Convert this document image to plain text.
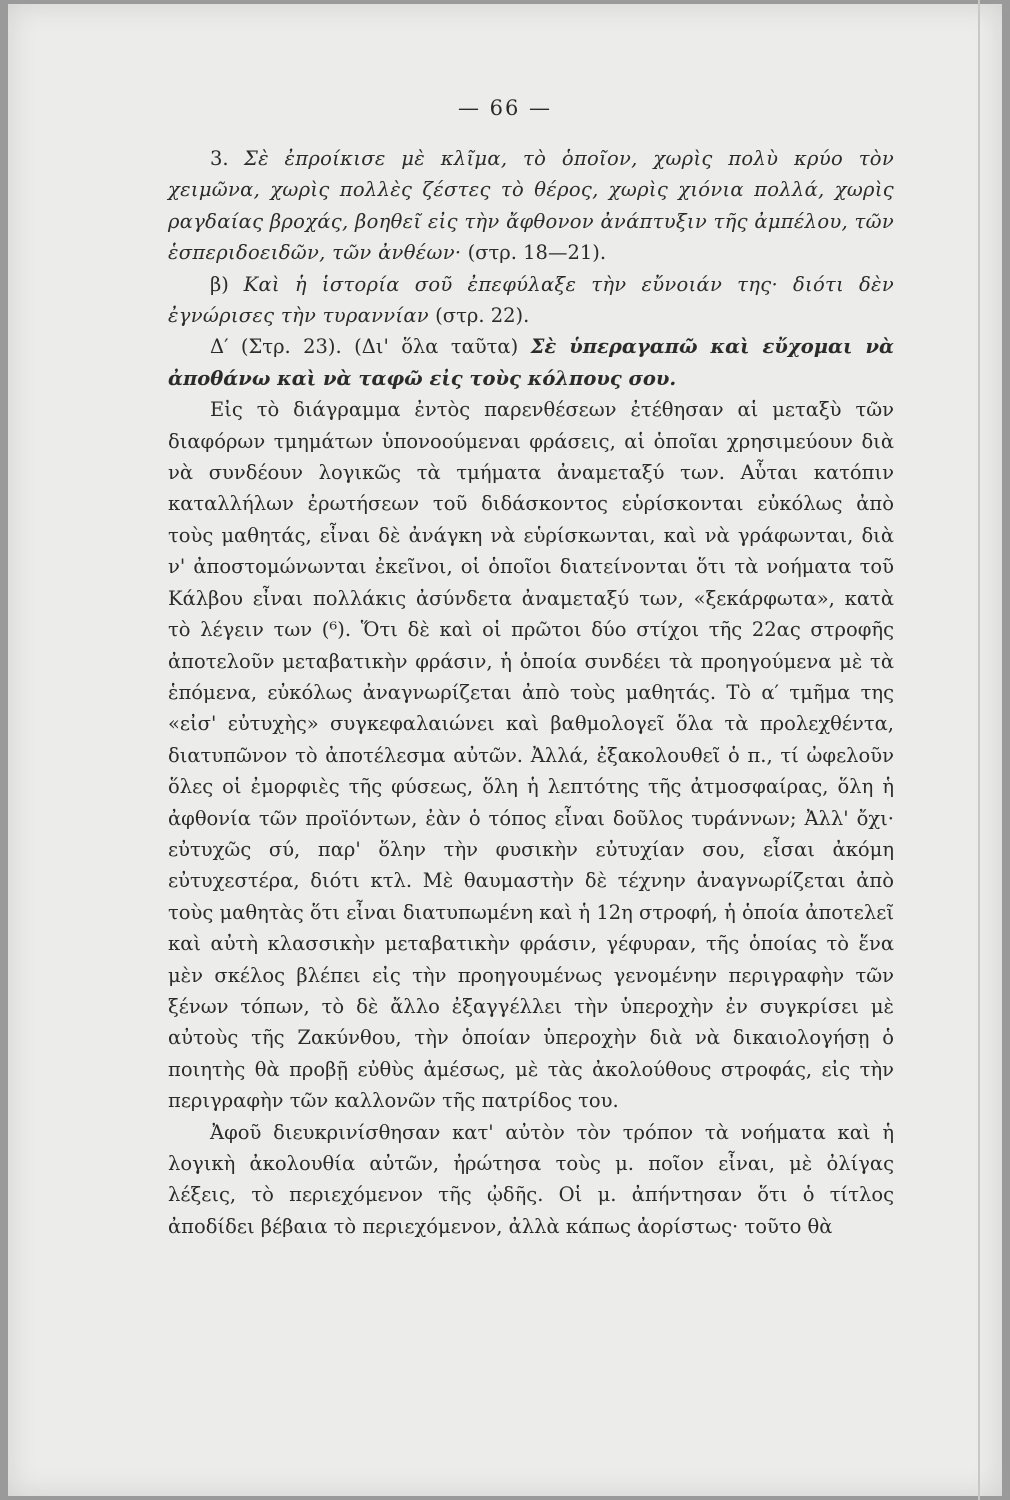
— 66 —

3. Σὲ ἐπροίκισε μὲ κλῖμα, τὸ ὁποῖον, χωρὶς πολὺ κρύο τὸν χειμῶνα, χωρὶς πολλὲς ζέστες τὸ θέρος, χωρὶς χιόνια πολλά, χωρὶς ραγδαίας βροχάς, βοηθεῖ εἰς τὴν ἄφθονον ἀνάπτυξιν τῆς ἀμπέλου, τῶν ἑσπεριδοειδῶν, τῶν ἀνθέων· (στρ. 18—21).

β) Καὶ ἡ ἱστορία σοῦ ἐπεφύλαξε τὴν εὔνοιάν της· διότι δὲν ἐγνώρισες τὴν τυραννίαν (στρ. 22).

Δ′ (Στρ. 23). (Δι' ὅλα ταῦτα) Σὲ ὑπεραγαπῶ καὶ εὔχομαι νὰ ἀποθάνω καὶ νὰ ταφῶ εἰς τοὺς κόλπους σου.

Εἰς τὸ διάγραμμα ἐντὸς παρενθέσεων ἐτέθησαν αἱ μεταξὺ τῶν διαφόρων τμημάτων ὑπονοούμεναι φράσεις, αἱ ὁποῖαι χρησιμεύουν διὰ νὰ συνδέουν λογικῶς τὰ τμήματα ἀναμεταξύ των. Αὗται κατόπιν καταλλήλων ἐρωτήσεων τοῦ διδάσκοντος εὑρίσκονται εὐκόλως ἀπὸ τοὺς μαθητάς, εἶναι δὲ ἀνάγκη νὰ εὑρίσκωνται, καὶ νὰ γράφωνται, διὰ ν' ἀποστομώνωνται ἐκεῖνοι, οἱ ὁποῖοι διατείνονται ὅτι τὰ νοήματα τοῦ Κάλβου εἶναι πολλάκις ἀσύνδετα ἀναμεταξύ των, «ξεκάρφωτα», κατὰ τὸ λέγειν των (⁶). Ὅτι δὲ καὶ οἱ πρῶτοι δύο στίχοι τῆς 22ας στροφῆς ἀποτελοῦν μεταβατικὴν φράσιν, ἡ ὁποία συνδέει τὰ προηγούμενα μὲ τὰ ἑπόμενα, εὐκόλως ἀναγνωρίζεται ἀπὸ τοὺς μαθητάς. Τὸ α′ τμῆμα της «εἰσ' εὐτυχὴς» συγκεφαλαιώνει καὶ βαθμολογεῖ ὅλα τὰ προλεχθέντα, διατυπῶνον τὸ ἀποτέλεσμα αὐτῶν. Ἀλλά, ἐξακολουθεῖ ὁ π., τί ὠφελοῦν ὅλες οἱ ἐμορφιὲς τῆς φύσεως, ὅλη ἡ λεπτότης τῆς ἀτμοσφαίρας, ὅλη ἡ ἀφθονία τῶν προϊόντων, ἐὰν ὁ τόπος εἶναι δοῦλος τυράννων; Ἀλλ' ὄχι· εὐτυχῶς σύ, παρ' ὅλην τὴν φυσικὴν εὐτυχίαν σου, εἶσαι ἀκόμη εὐτυχεστέρα, διότι κτλ. Μὲ θαυμαστὴν δὲ τέχνην ἀναγνωρίζεται ἀπὸ τοὺς μαθητὰς ὅτι εἶναι διατυπωμένη καὶ ἡ 12η στροφή, ἡ ὁποία ἀποτελεῖ καὶ αὐτὴ κλασσικὴν μεταβατικὴν φράσιν, γέφυραν, τῆς ὁποίας τὸ ἕνα μὲν σκέλος βλέπει εἰς τὴν προηγουμένως γενομένην περιγραφὴν τῶν ξένων τόπων, τὸ δὲ ἄλλο ἐξαγγέλλει τὴν ὑπεροχὴν ἐν συγκρίσει μὲ αὐτοὺς τῆς Ζακύνθου, τὴν ὁποίαν ὑπεροχὴν διὰ νὰ δικαιολογήσῃ ὁ ποιητὴς θὰ προβῇ εὐθὺς ἀμέσως, μὲ τὰς ἀκολούθους στροφάς, εἰς τὴν περιγραφὴν τῶν καλλονῶν τῆς πατρίδος του.

Ἀφοῦ διευκρινίσθησαν κατ' αὐτὸν τὸν τρόπον τὰ νοήματα καὶ ἡ λογικὴ ἀκολουθία αὐτῶν, ἠρώτησα τοὺς μ. ποῖον εἶναι, μὲ ὀλίγας λέξεις, τὸ περιεχόμενον τῆς ᾠδῆς. Οἱ μ. ἀπήντησαν ὅτι ὁ τίτλος ἀποδίδει βέβαια τὸ περιεχόμενον, ἀλλὰ κάπως ἀορίστως· τοῦτο θὰ
